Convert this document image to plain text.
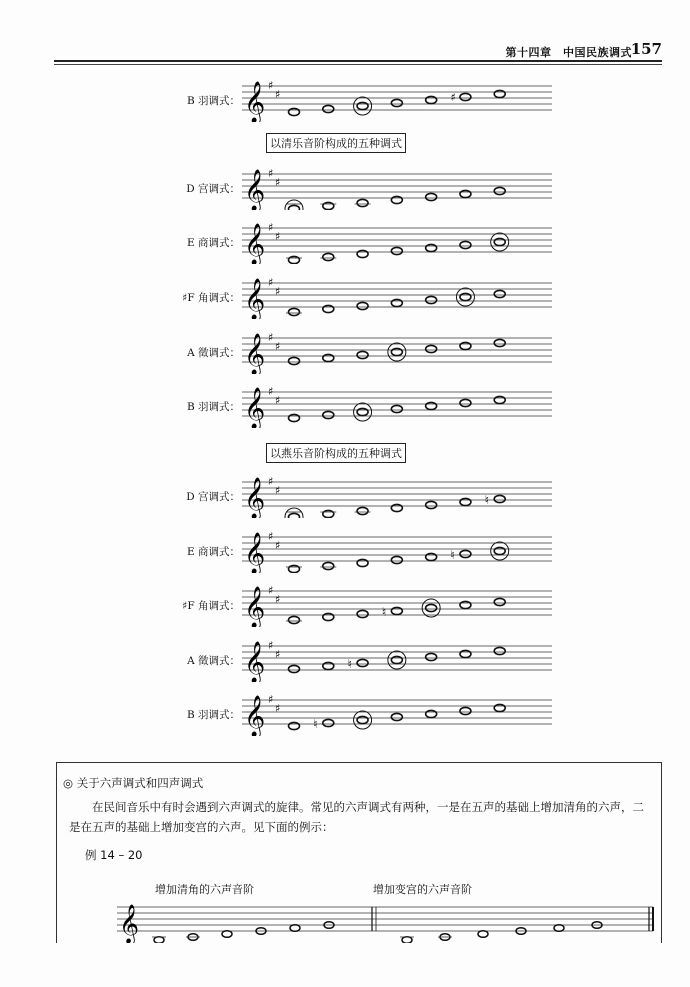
第十四章　中国民族调式
157
B 羽调式： 𝄞 ♯
♯	♯
以清乐音阶构成的五种调式
D 宫调式： 𝄞 ♯
♯
E 商调式： 𝄞 ♯
♯
♯F 角调式： 𝄞 ♯
♯
A 徵调式： 𝄞 ♯
♯
B 羽调式： 𝄞 ♯
♯
以燕乐音阶构成的五种调式
D 宫调式： 𝄞 ♯
♯
♮
E 商调式： 𝄞 ♯
♯
♮
♯F 角调式： 𝄞 ♯
♯
♮
A 徵调式： 𝄞 ♯
♯
♮
B 羽调式： 𝄞 ♯
♯
♮
◎ 关于六声调式和四声调式
在民间音乐中有时会遇到六声调式的旋律。常见的六声调式有两种，一是在五声的基础上增加清角的六声，二是在五声的基础上增加变宫的六声。见下面的例示：
例 14 – 20
增加清角的六声音阶	增加变宫的六声音阶
𝄞
